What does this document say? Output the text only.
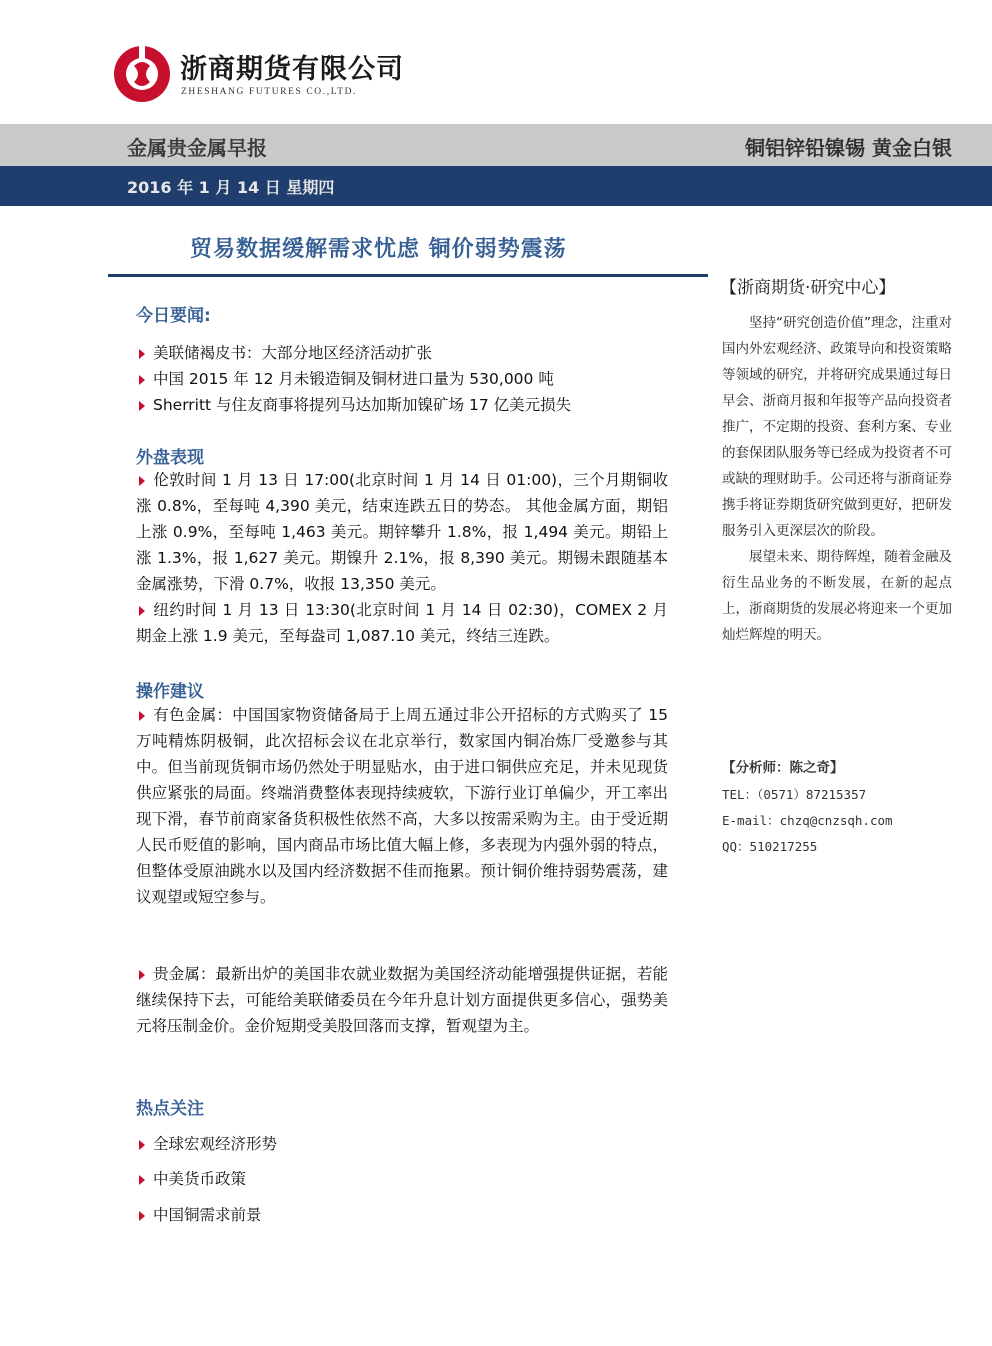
浙商期货有限公司
ZHESHANG FUTURES CO.,LTD.
金属贵金属早报	铜铝锌铅镍锡 黄金白银
2016 年 1 月 14 日 星期四
贸易数据缓解需求忧虑 铜价弱势震荡
今日要闻:
美联储褐皮书：大部分地区经济活动扩张
中国 2015 年 12 月未锻造铜及铜材进口量为 530,000 吨
Sherritt 与住友商事将提列马达加斯加镍矿场 17 亿美元损失
外盘表现
伦敦时间 1 月 13 日 17:00(北京时间 1 月 14 日 01:00)，三个月期铜收涨 0.8%，至每吨 4,390 美元，结束连跌五日的势态。 其他金属方面，期铝上涨 0.9%，至每吨 1,463 美元。期锌攀升 1.8%，报 1,494 美元。期铅上涨 1.3%，报 1,627 美元。期镍升 2.1%，报 8,390 美元。期锡未跟随基本金属涨势，下滑 0.7%，收报 13,350 美元。
纽约时间 1 月 13 日 13:30(北京时间 1 月 14 日 02:30)，COMEX 2 月期金上涨 1.9 美元，至每盎司 1,087.10 美元，终结三连跌。
操作建议
有色金属：中国国家物资储备局于上周五通过非公开招标的方式购买了 15 万吨精炼阴极铜，此次招标会议在北京举行，数家国内铜冶炼厂受邀参与其中。但当前现货铜市场仍然处于明显贴水，由于进口铜供应充足，并未见现货供应紧张的局面。终端消费整体表现持续疲软，下游行业订单偏少，开工率出现下滑，春节前商家备货积极性依然不高，大多以按需采购为主。由于受近期人民币贬值的影响，国内商品市场比值大幅上修，多表现为内强外弱的特点，但整体受原油跳水以及国内经济数据不佳而拖累。预计铜价维持弱势震荡，建议观望或短空参与。
贵金属：最新出炉的美国非农就业数据为美国经济动能增强提供证据，若能继续保持下去，可能给美联储委员在今年升息计划方面提供更多信心，强势美元将压制金价。金价短期受美股回落而支撑，暂观望为主。
热点关注
全球宏观经济形势
中美货币政策
中国铜需求前景
【浙商期货·研究中心】

坚持“研究创造价值”理念，注重对国内外宏观经济、政策导向和投资策略等领域的研究，并将研究成果通过每日早会、浙商月报和年报等产品向投资者推广，不定期的投资、套利方案、专业的套保团队服务等已经成为投资者不可或缺的理财助手。公司还将与浙商证券携手将证券期货研究做到更好，把研发服务引入更深层次的阶段。

展望未来、期待辉煌，随着金融及衍生品业务的不断发展，在新的起点上，浙商期货的发展必将迎来一个更加灿烂辉煌的明天。

【分析师：陈之奇】
TEL：（0571）87215357
E-mail：chzq@cnzsqh.com
QQ：510217255
